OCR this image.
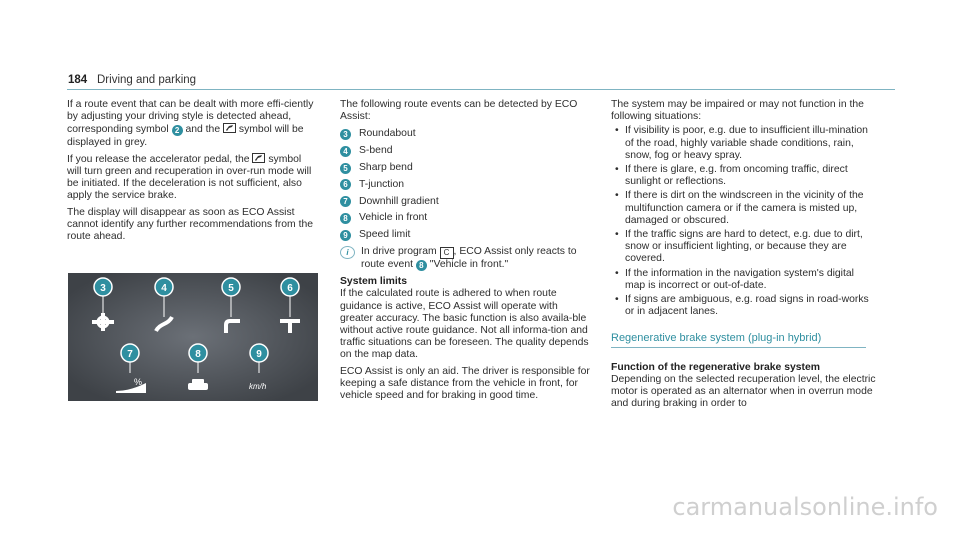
184 Driving and parking

If a route event that can be dealt with more effi-ciently by adjusting your driving style is detected ahead, corresponding symbol 2 and the symbol will be displayed in grey.

If you release the accelerator pedal, the symbol will turn green and recuperation in over-run mode will be initiated. If the deceleration is not sufficient, also apply the service brake.

The display will disappear as soon as ECO Assist cannot identify any further recommendations from the route ahead.

%	km/h
3	4	5	6
7	8	9

The following route events can be detected by ECO Assist:

3	Roundabout
4	S-bend
5	Sharp bend
6	T-junction
7	Downhill gradient
8	Vehicle in front
9	Speed limit
i	In drive program C , ECO Assist only reacts to route event 8 "Vehicle in front."

System limits

If the calculated route is adhered to when route guidance is active, ECO Assist will operate with greater accuracy. The basic function is also availa-ble without active route guidance. Not all informa-tion and traffic situations can be foreseen. The quality depends on the map data.

ECO Assist is only an aid. The driver is responsible for keeping a safe distance from the vehicle in front, for vehicle speed and for braking in good time.

The system may be impaired or may not function in the following situations:

• If visibility is poor, e.g. due to insufficient illu-mination of the road, highly variable shade conditions, rain, snow, fog or heavy spray.
• If there is glare, e.g. from oncoming traffic, direct sunlight or reflections.
• If there is dirt on the windscreen in the vicinity of the multifunction camera or if the camera is misted up, damaged or obscured.
• If the traffic signs are hard to detect, e.g. due to dirt, snow or insufficient lighting, or because they are covered.
• If the information in the navigation system's digital map is incorrect or out-of-date.
• If signs are ambiguous, e.g. road signs in road-works or in adjacent lanes.
Regenerative brake system (plug-in hybrid)

Function of the regenerative brake system

Depending on the selected recuperation level, the electric motor is operated as an alternator when in overrun mode and during braking in order to

carmanualsonline.info
